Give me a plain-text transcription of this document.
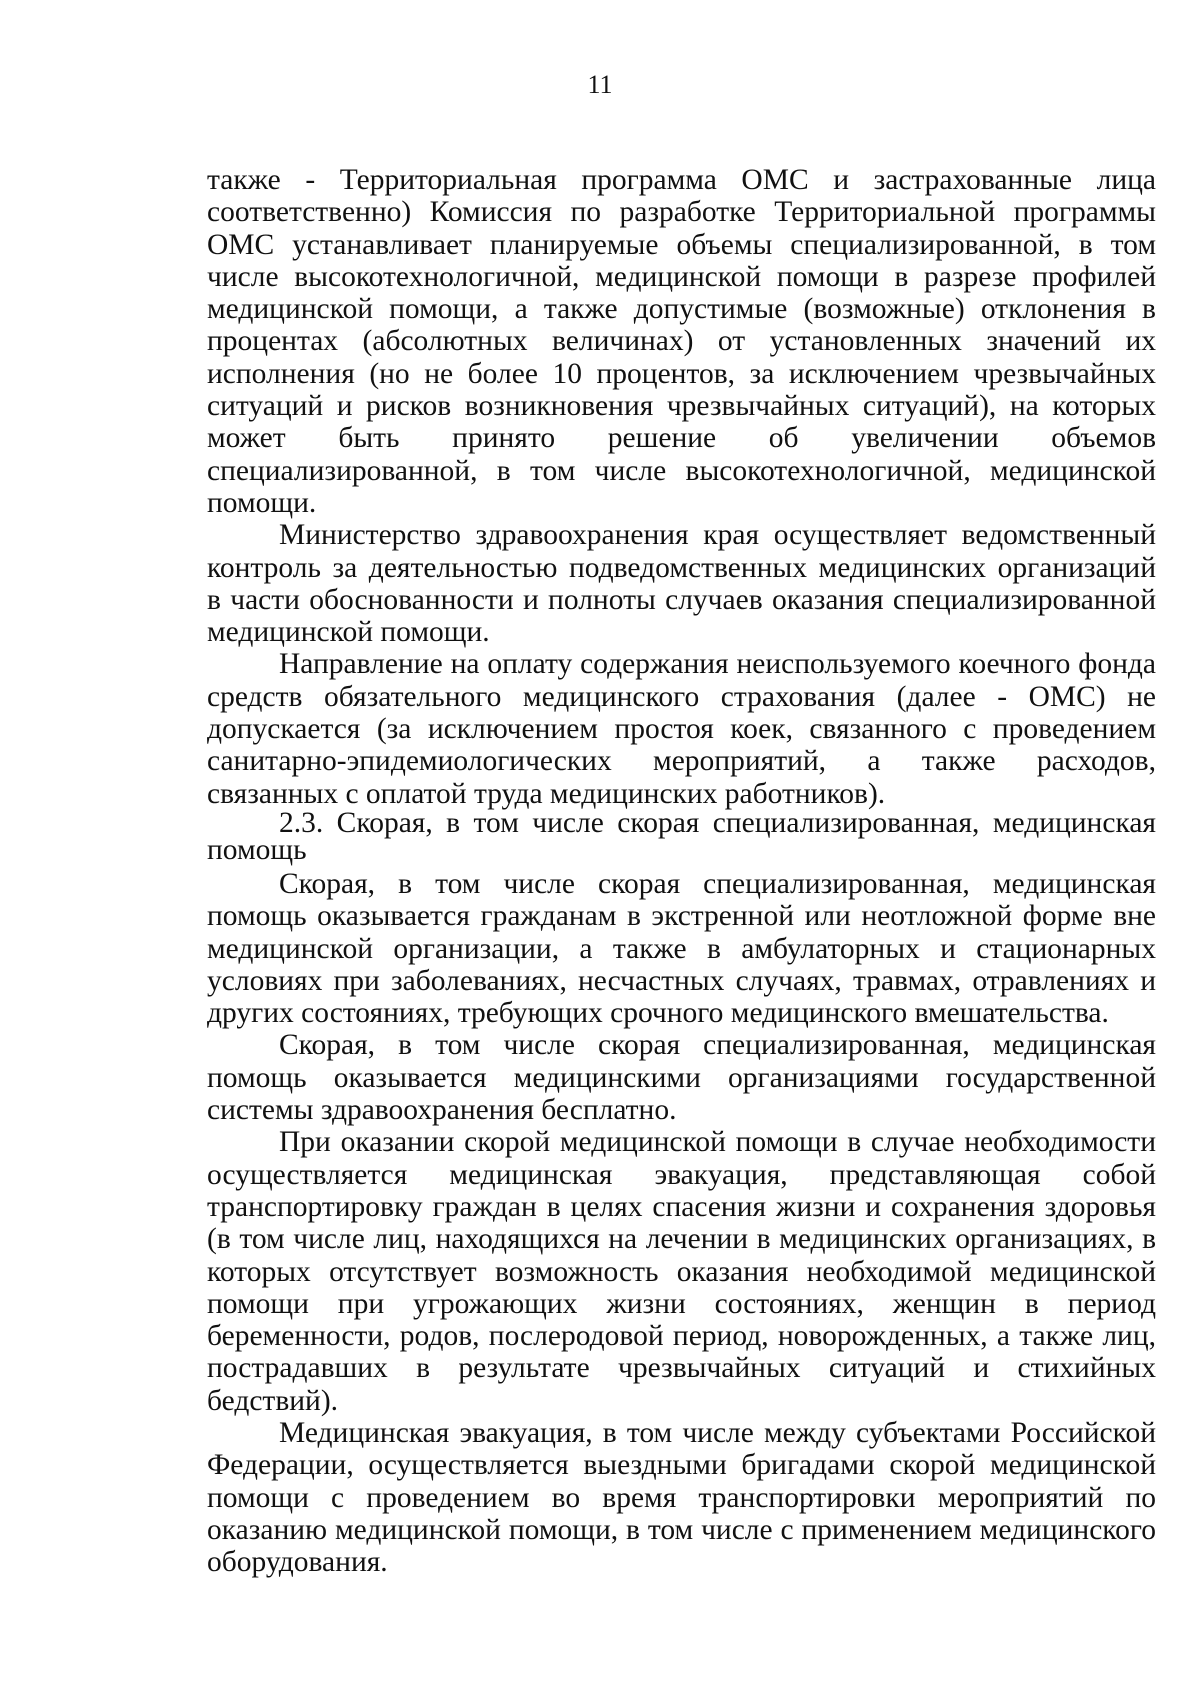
11

также - Территориальная программа ОМС и застрахованные лица соответственно) Комиссия по разработке Территориальной программы ОМС устанавливает планируемые объемы специализированной, в том числе высокотехнологичной, медицинской помощи в разрезе профилей медицинской помощи, а также допустимые (возможные) отклонения в процентах (абсолютных величинах) от установленных значений их исполнения (но не более 10 процентов, за исключением чрезвычайных ситуаций и рисков возникновения чрезвычайных ситуаций), на которых может быть принято решение об увеличении объемов специализированной, в том числе высокотехнологичной, медицинской помощи.

Министерство здравоохранения края осуществляет ведомственный контроль за деятельностью подведомственных медицинских организаций в части обоснованности и полноты случаев оказания специализированной медицинской помощи.

Направление на оплату содержания неиспользуемого коечного фонда средств обязательного медицинского страхования (далее - ОМС) не допускается (за исключением простоя коек, связанного с проведением санитарно-эпидемиологических мероприятий, а также расходов, связанных с оплатой труда медицинских работников).

2.3. Скорая, в том числе скорая специализированная, медицинская помощь

Скорая, в том числе скорая специализированная, медицинская помощь оказывается гражданам в экстренной или неотложной форме вне медицинской организации, а также в амбулаторных и стационарных условиях при заболеваниях, несчастных случаях, травмах, отравлениях и других состояниях, требующих срочного медицинского вмешательства.

Скорая, в том числе скорая специализированная, медицинская помощь оказывается медицинскими организациями государственной системы здравоохранения бесплатно.

При оказании скорой медицинской помощи в случае необходимости осуществляется медицинская эвакуация, представляющая собой транспортировку граждан в целях спасения жизни и сохранения здоровья (в том числе лиц, находящихся на лечении в медицинских организациях, в которых отсутствует возможность оказания необходимой медицинской помощи при угрожающих жизни состояниях, женщин в период беременности, родов, послеродовой период, новорожденных, а также лиц, пострадавших в результате чрезвычайных ситуаций и стихийных бедствий).

Медицинская эвакуация, в том числе между субъектами Российской Федерации, осуществляется выездными бригадами скорой медицинской помощи с проведением во время транспортировки мероприятий по оказанию медицинской помощи, в том числе с применением медицинского оборудования.
